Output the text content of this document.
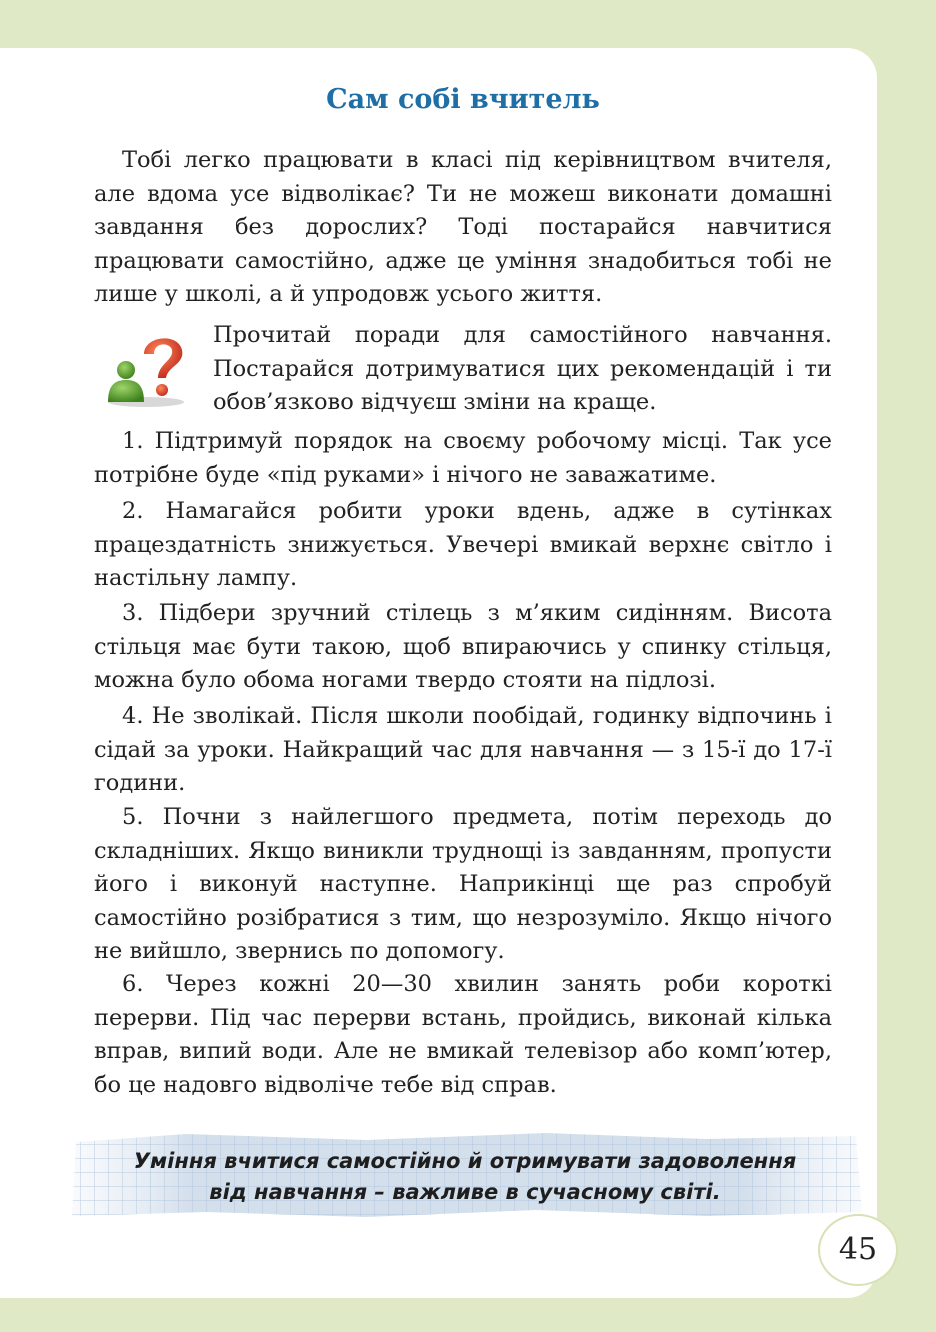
Сам собі вчитель

Тобі легко працювати в класі під керівництвом вчителя, але вдома усе відволікає? Ти не можеш виконати домашні завдання без дорослих? Тоді постарайся навчитися працювати самостійно, адже це уміння знадобиться тобі не лише у школі, а й упродовж усього життя.

Прочитай поради для самостійного навчання. Постарайся дотримуватися цих рекомендацій і ти обов’язково відчуєш зміни на краще.

1. Підтримуй порядок на своєму робочому місці. Так усе потрібне буде «під руками» і нічого не заважатиме.

2. Намагайся робити уроки вдень, адже в сутінках працездатність знижується. Увечері вмикай верхнє світло і настільну лампу.

3. Підбери зручний стілець з м’яким сидінням. Висота стільця має бути такою, щоб впираючись у спинку стільця, можна було обома ногами твердо стояти на підлозі.

4. Не зволікай. Після школи пообідай, годинку відпочинь і сідай за уроки. Найкращий час для навчання — з 15-ї до 17-ї години.

5. Почни з найлегшого предмета, потім переходь до складніших. Якщо виникли труднощі із завданням, пропусти його і виконуй наступне. Наприкінці ще раз спробуй самостійно розібратися з тим, що незрозуміло. Якщо нічого не вийшло, звернись по допомогу.

6. Через кожні 20—30 хвилин занять роби короткі перерви. Під час перерви встань, пройдись, виконай кілька вправ, випий води. Але не вмикай телевізор або комп’ютер, бо це надовго відволіче тебе від справ.

Уміння вчитися самостійно й отримувати задоволення
від навчання – важливе в сучасному світі.

45
